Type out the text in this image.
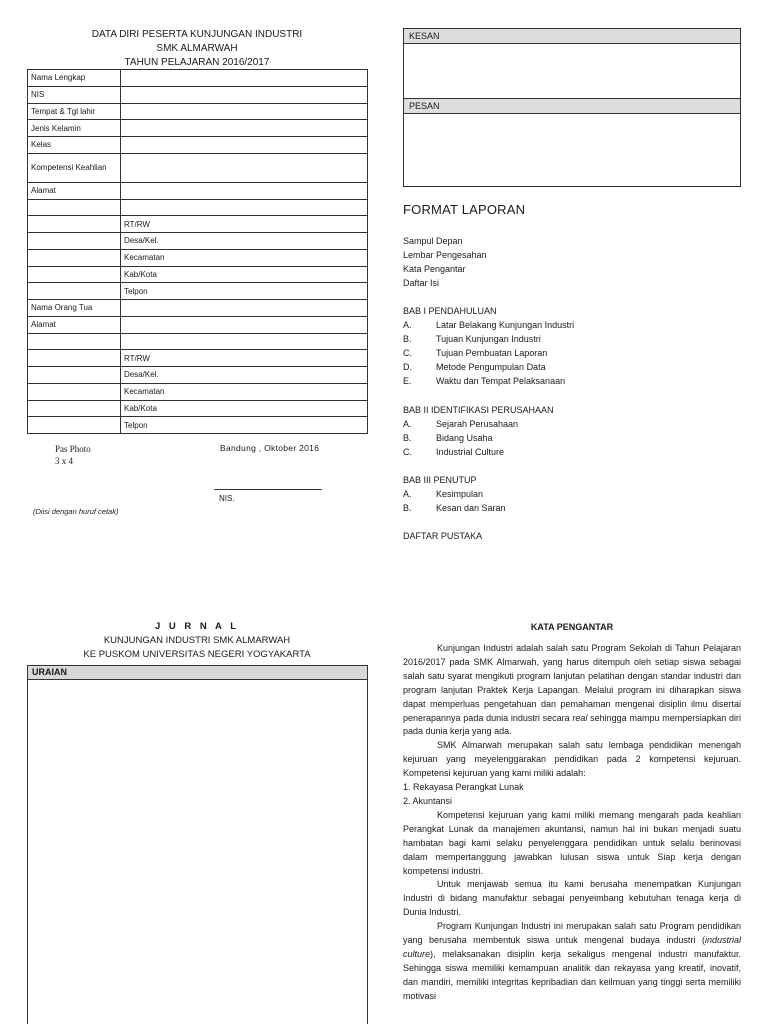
DATA DIRI PESERTA KUNJUNGAN INDUSTRI
SMK ALMARWAH
TAHUN PELAJARAN 2016/2017
Nama Lengkap	
NIS	
Tempat & Tgl lahir	
Jenis Kelamin	
Kelas	
Kompetensi Keahlian	
Alamat	

	RT/RW
	Desa/Kel.
	Kecamatan
	Kab/Kota
	Telpon
Nama Orang Tua	
Alamat	

	RT/RW
	Desa/Kel.
	Kecamatan
	Kab/Kota
	Telpon
Pas Photo
3 x 4
Bandung , Oktober 2016
NIS.
(Diisi dengan huruf cetak)
KESAN
PESAN
FORMAT LAPORAN
Sampul Depan
Lembar Pengesahan
Kata Pengantar
Daftar Isi
BAB I PENDAHULUAN
A.	Latar Belakang Kunjungan Industri
B.	Tujuan Kunjungan Industri
C.	Tujuan Pembuatan Laporan
D.	Metode Pengumpulan Data
E.	Waktu dan Tempat Pelaksanaan
BAB II IDENTIFIKASI PERUSAHAAN
A.	Sejarah Perusahaan
B.	Bidang Usaha
C.	Industrial Culture
BAB III PENUTUP
A.	Kesimpulan
B.	Kesan dan Saran
DAFTAR PUSTAKA
J U R N A L
KUNJUNGAN INDUSTRI SMK ALMARWAH
KE PUSKOM UNIVERSITAS NEGERI YOGYAKARTA
URAIAN
KATA PENGANTAR

Kunjungan Industri adalah salah satu Program Sekolah di Tahun Pelajaran 2016/2017 pada SMK Almarwah, yang harus ditempuh oleh setiap siswa sebagai salah satu syarat mengikuti program lanjutan pelatihan dengan standar industri dan program lanjutan Praktek Kerja Lapangan. Melalui program ini diharapkan siswa dapat memperluas pengetahuan dan pemahaman mengenai disiplin ilmu disertai penerapannya pada dunia industri secara real sehingga mampu mempersiapkan diri pada dunia kerja yang ada.

SMK Almarwah merupakan salah satu lembaga pendidikan menengah kejuruan yang meyelenggarakan pendidikan pada 2 kompetensi kejuruan. Kompetensi kejuruan yang kami miliki adalah:

1. Rekayasa Perangkat Lunak

2. Akuntansi

Kompetensi kejuruan yang kami miliki memang mengarah pada keahlian Perangkat Lunak da manajemen akuntansi, namun hal ini bukan menjadi suatu hambatan bagi kami selaku penyelenggara pendidikan untuk selalu berinovasi dalam mempertanggung jawabkan lulusan siswa untuk Siap kerja dengan kompetensi industri.

Untuk menjawab semua itu kami berusaha menempatkan Kunjungan Industri di bidang manufaktur sebagai penyeimbang kebutuhan tenaga kerja di Dunia Industri.

Program Kunjungan Industri ini merupakan salah satu Program pendidikan yang berusaha membentuk siswa untuk mengenal budaya industri (industrial culture), melaksanakan disiplin kerja sekaligus mengenal industri manufaktur. Sehingga siswa memiliki kemampuan analitik dan rekayasa yang kreatif, inovatif, dan mandiri, memiliki integritas kepribadian dan keilmuan yang tinggi serta memiliki motivasi
